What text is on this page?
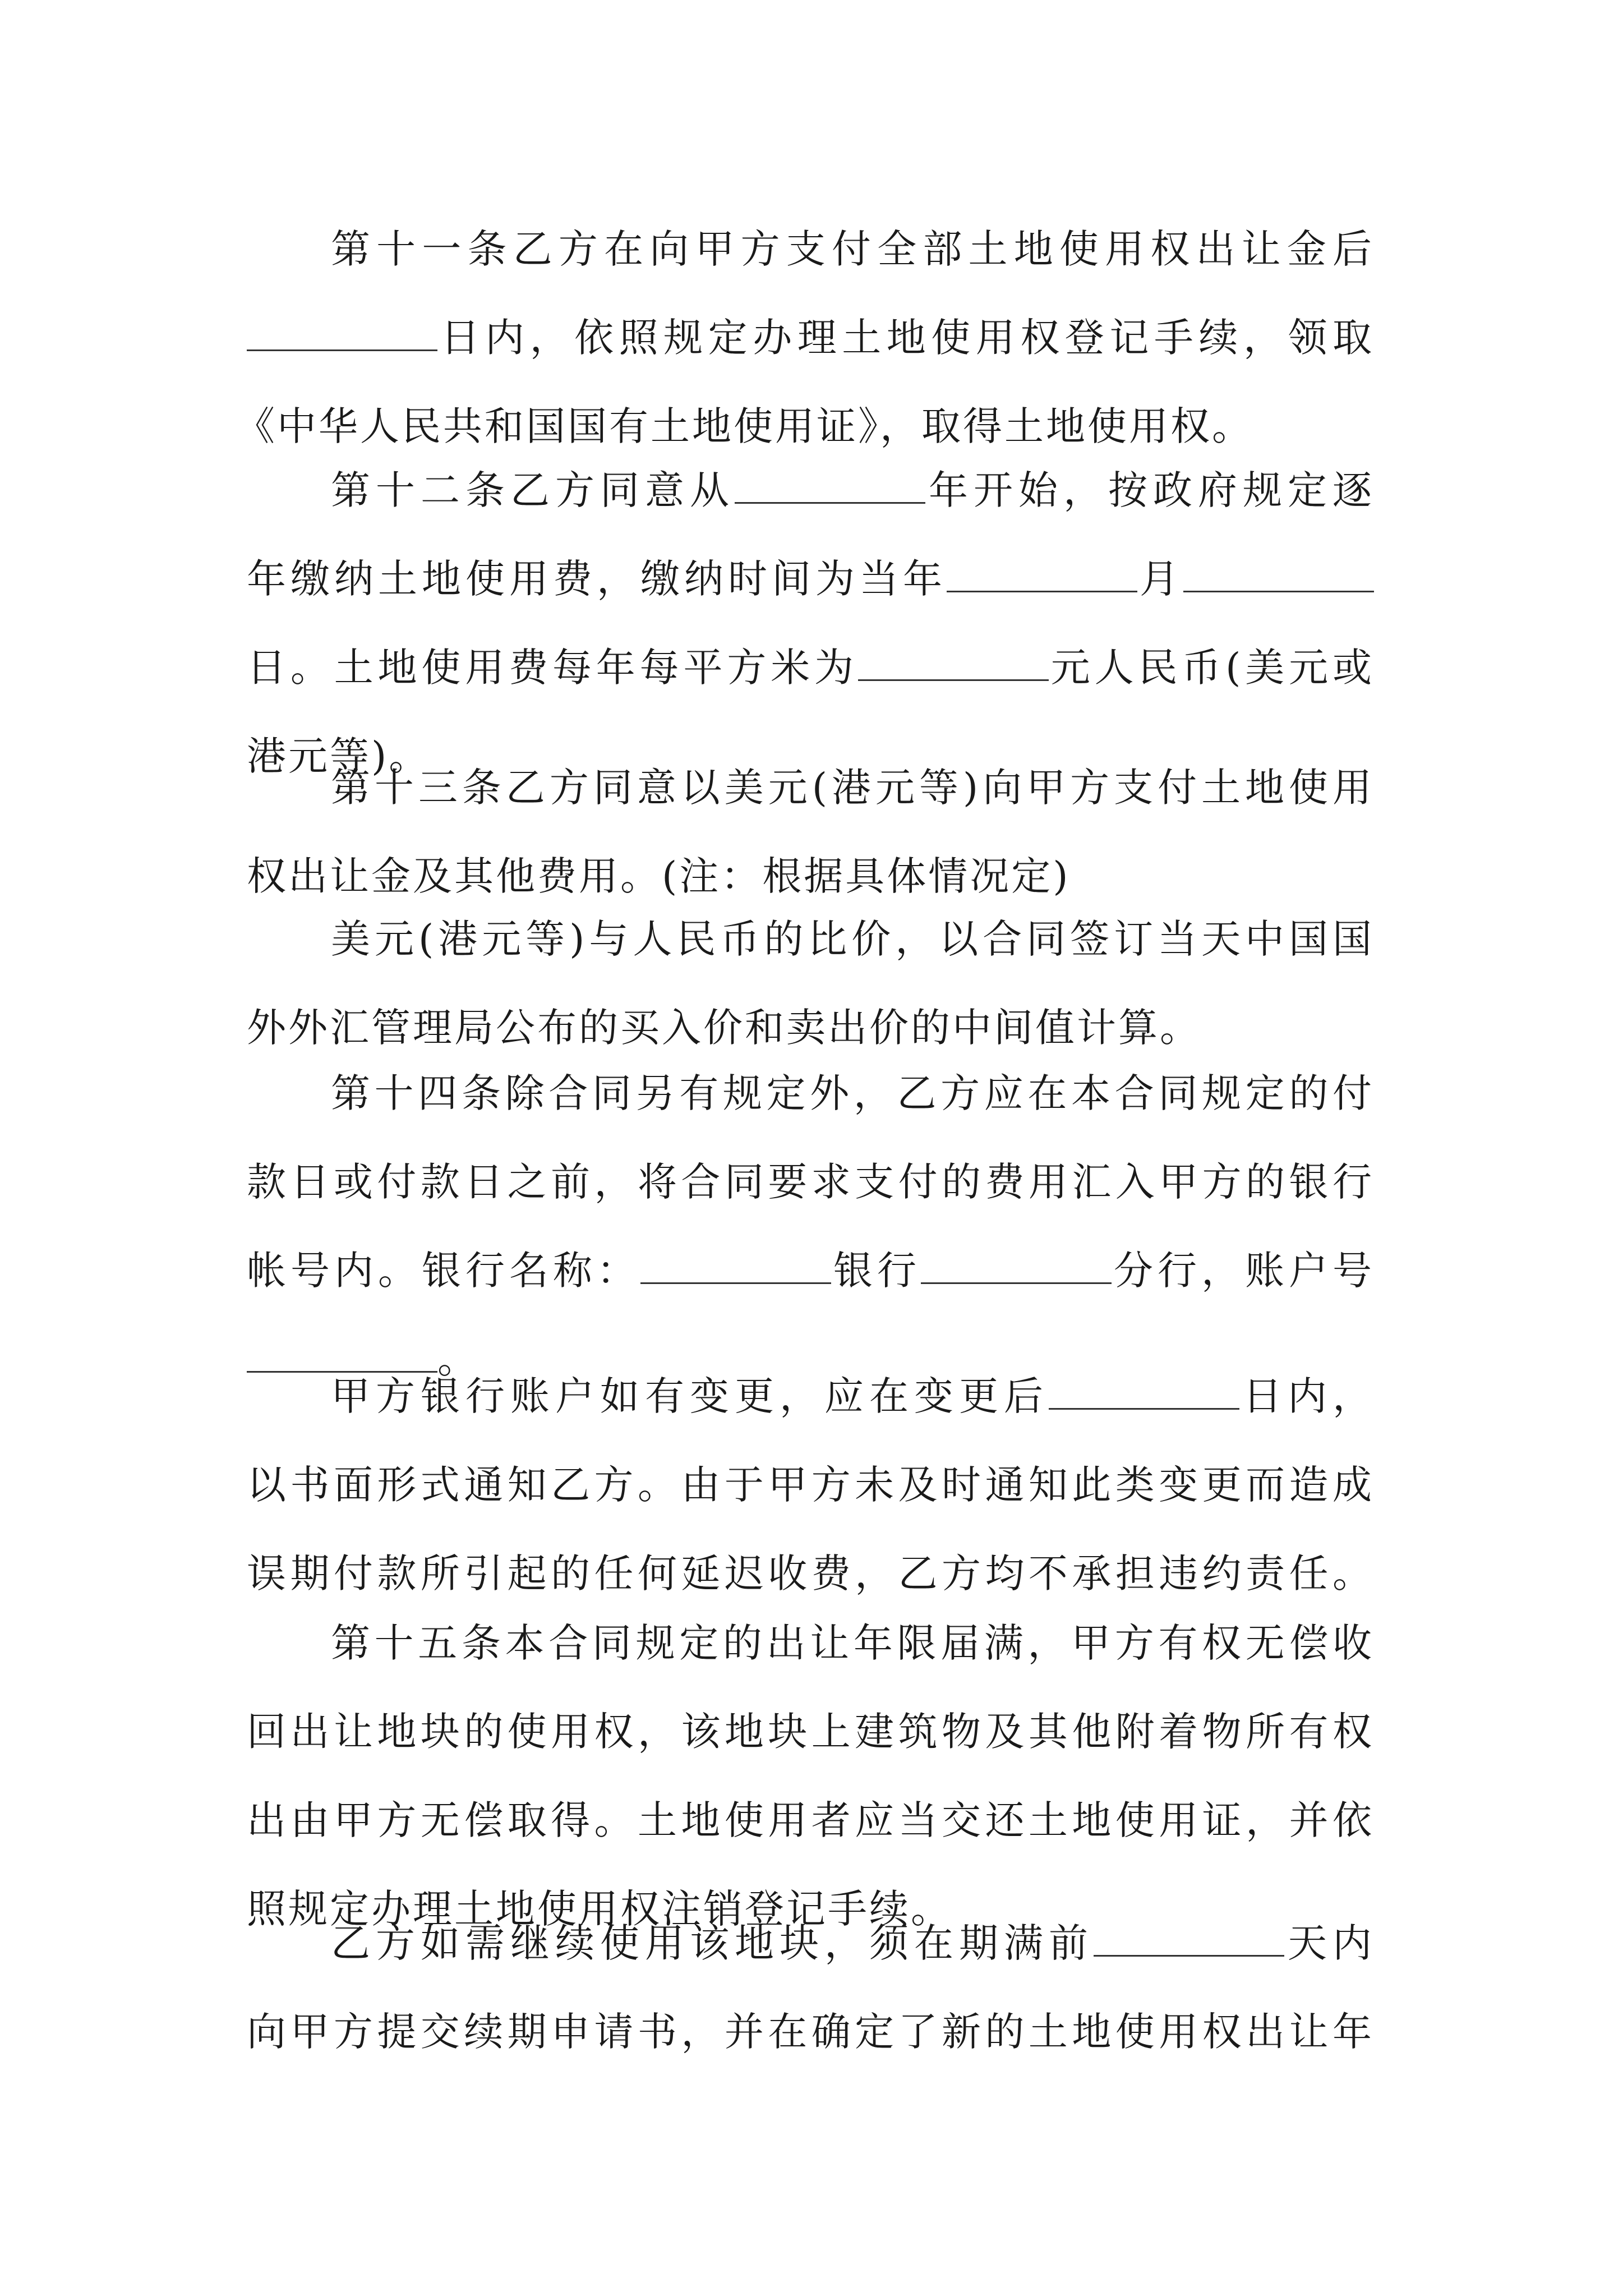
第十一条乙方在向甲方支付全部土地使用权出让金后
日内，依照规定办理土地使用权登记手续，领取
《中华人民共和国国有土地使用证》，取得土地使用权。
第十二条乙方同意从	年开始，按政府规定逐
年缴纳土地使用费，缴纳时间为当年	月
日。土地使用费每年每平方米为	元人民币(美元或
港元等)。
第十三条乙方同意以美元(港元等)向甲方支付土地使用
权出让金及其他费用。(注：根据具体情况定)
美元(港元等)与人民币的比价，以合同签订当天中国国
外外汇管理局公布的买入价和卖出价的中间值计算。
第十四条除合同另有规定外，乙方应在本合同规定的付
款日或付款日之前，将合同要求支付的费用汇入甲方的银行
帐号内。银行名称：	银行	分行，账户号
。
甲方银行账户如有变更，应在变更后	日内，
以书面形式通知乙方。由于甲方未及时通知此类变更而造成
误期付款所引起的任何延迟收费，乙方均不承担违约责任。
第十五条本合同规定的出让年限届满，甲方有权无偿收
回出让地块的使用权，该地块上建筑物及其他附着物所有权
出由甲方无偿取得。土地使用者应当交还土地使用证，并依
照规定办理土地使用权注销登记手续。
乙方如需继续使用该地块，须在期满前	天内
向甲方提交续期申请书，并在确定了新的土地使用权出让年
